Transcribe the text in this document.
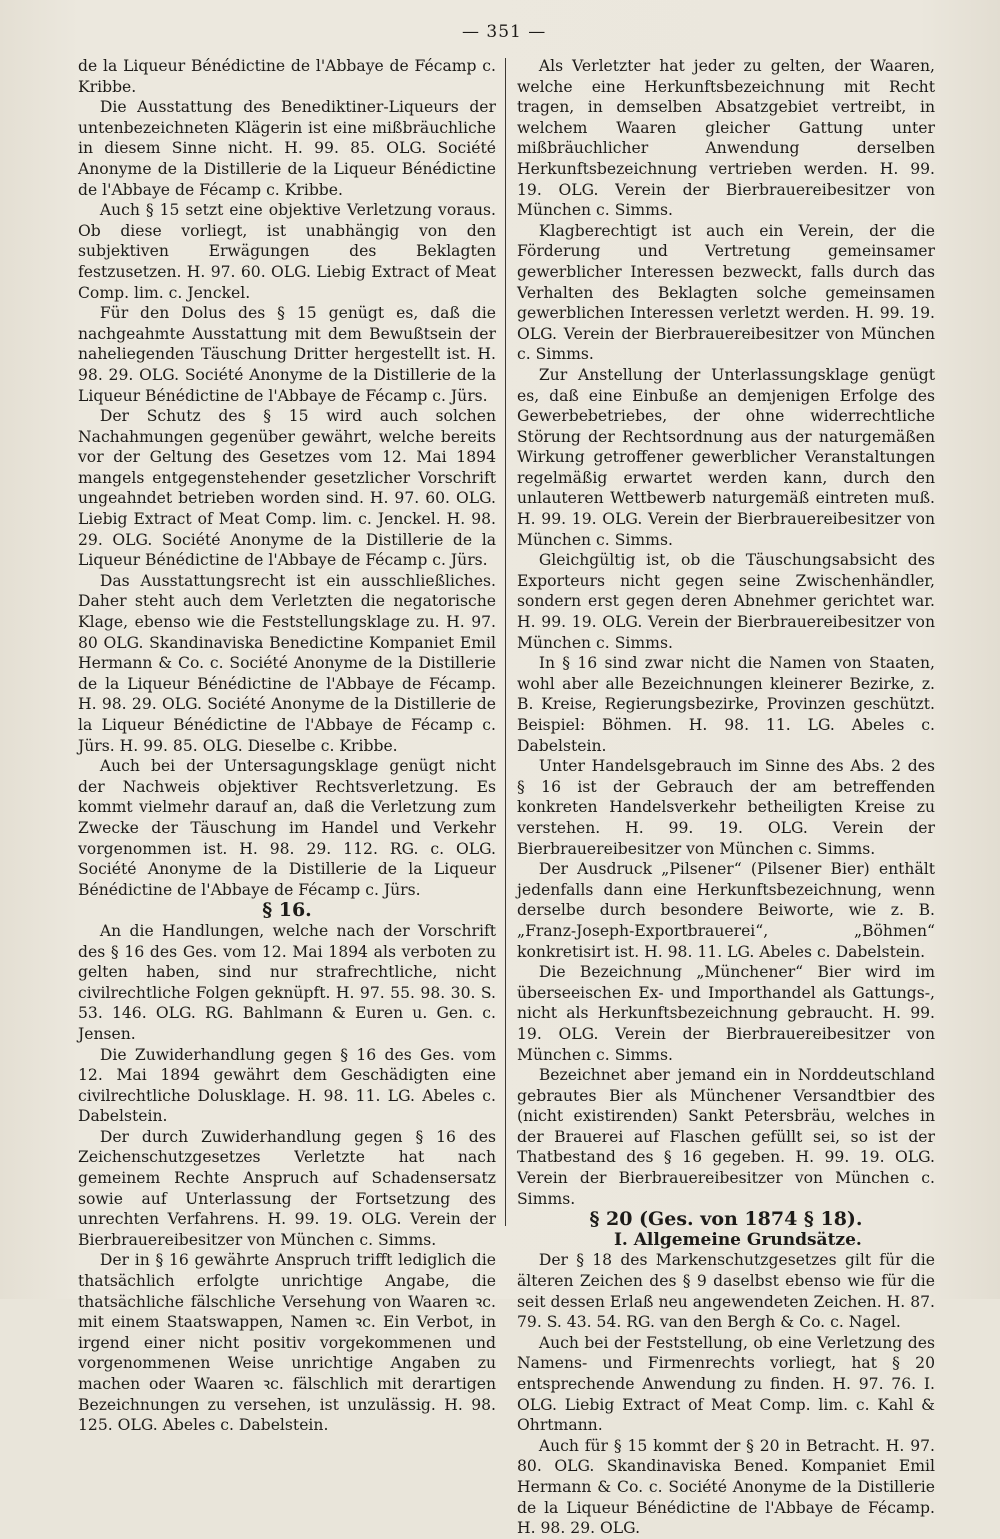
— 351 —

de la Liqueur Bénédictine de l'Abbaye de Fécamp c. Kribbe.

Die Ausstattung des Benediktiner-Liqueurs der untenbezeichneten Klägerin ist eine mißbräuchliche in diesem Sinne nicht. H. 99. 85. OLG. Société Anonyme de la Distillerie de la Liqueur Bénédictine de l'Abbaye de Fécamp c. Kribbe.

Auch § 15 setzt eine objektive Verletzung voraus. Ob diese vorliegt, ist unabhängig von den subjektiven Erwägungen des Beklagten festzusetzen. H. 97. 60. OLG. Liebig Extract of Meat Comp. lim. c. Jenckel.

Für den Dolus des § 15 genügt es, daß die nachgeahmte Ausstattung mit dem Bewußtsein der naheliegenden Täuschung Dritter hergestellt ist. H. 98. 29. OLG. Société Anonyme de la Distillerie de la Liqueur Bénédictine de l'Abbaye de Fécamp c. Jürs.

Der Schutz des § 15 wird auch solchen Nachahmungen gegenüber gewährt, welche bereits vor der Geltung des Gesetzes vom 12. Mai 1894 mangels entgegenstehender gesetzlicher Vorschrift ungeahndet betrieben worden sind. H. 97. 60. OLG. Liebig Extract of Meat Comp. lim. c. Jenckel. H. 98. 29. OLG. Société Anonyme de la Distillerie de la Liqueur Bénédictine de l'Abbaye de Fécamp c. Jürs.

Das Ausstattungsrecht ist ein ausschließliches. Daher steht auch dem Verletzten die negatorische Klage, ebenso wie die Feststellungsklage zu. H. 97. 80 OLG. Skandinaviska Benedictine Kompaniet Emil Hermann & Co. c. Société Anonyme de la Distillerie de la Liqueur Bénédictine de l'Abbaye de Fécamp. H. 98. 29. OLG. Société Anonyme de la Distillerie de la Liqueur Bénédictine de l'Abbaye de Fécamp c. Jürs. H. 99. 85. OLG. Dieselbe c. Kribbe.

Auch bei der Untersagungsklage genügt nicht der Nachweis objektiver Rechtsverletzung. Es kommt vielmehr darauf an, daß die Verletzung zum Zwecke der Täuschung im Handel und Verkehr vorgenommen ist. H. 98. 29. 112. RG. c. OLG. Société Anonyme de la Distillerie de la Liqueur Bénédictine de l'Abbaye de Fécamp c. Jürs.

§ 16.

An die Handlungen, welche nach der Vorschrift des § 16 des Ges. vom 12. Mai 1894 als verboten zu gelten haben, sind nur strafrechtliche, nicht civilrechtliche Folgen geknüpft. H. 97. 55. 98. 30. S. 53. 146. OLG. RG. Bahlmann & Euren u. Gen. c. Jensen.

Die Zuwiderhandlung gegen § 16 des Ges. vom 12. Mai 1894 gewährt dem Geschädigten eine civilrechtliche Dolusklage. H. 98. 11. LG. Abeles c. Dabelstein.

Der durch Zuwiderhandlung gegen § 16 des Zeichenschutzgesetzes Verletzte hat nach gemeinem Rechte Anspruch auf Schadensersatz sowie auf Unterlassung der Fortsetzung des unrechten Verfahrens. H. 99. 19. OLG. Verein der Bierbrauereibesitzer von München c. Simms.

Der in § 16 gewährte Anspruch trifft lediglich die thatsächlich erfolgte unrichtige Angabe, die thatsächliche fälschliche Versehung von Waaren ꝛc. mit einem Staatswappen, Namen ꝛc. Ein Verbot, in irgend einer nicht positiv vorgekommenen und vorgenommenen Weise unrichtige Angaben zu machen oder Waaren ꝛc. fälschlich mit derartigen Bezeichnungen zu versehen, ist unzulässig. H. 98. 125. OLG. Abeles c. Dabelstein.

Als Verletzter hat jeder zu gelten, der Waaren, welche eine Herkunftsbezeichnung mit Recht tragen, in demselben Absatzgebiet vertreibt, in welchem Waaren gleicher Gattung unter mißbräuchlicher Anwendung derselben Herkunftsbezeichnung vertrieben werden. H. 99. 19. OLG. Verein der Bierbrauereibesitzer von München c. Simms.

Klagberechtigt ist auch ein Verein, der die Förderung und Vertretung gemeinsamer gewerblicher Interessen bezweckt, falls durch das Verhalten des Beklagten solche gemeinsamen gewerblichen Interessen verletzt werden. H. 99. 19. OLG. Verein der Bierbrauereibesitzer von München c. Simms.

Zur Anstellung der Unterlassungsklage genügt es, daß eine Einbuße an demjenigen Erfolge des Gewerbebetriebes, der ohne widerrechtliche Störung der Rechtsordnung aus der naturgemäßen Wirkung getroffener gewerblicher Veranstaltungen regelmäßig erwartet werden kann, durch den unlauteren Wettbewerb naturgemäß eintreten muß. H. 99. 19. OLG. Verein der Bierbrauereibesitzer von München c. Simms.

Gleichgültig ist, ob die Täuschungsabsicht des Exporteurs nicht gegen seine Zwischenhändler, sondern erst gegen deren Abnehmer gerichtet war. H. 99. 19. OLG. Verein der Bierbrauereibesitzer von München c. Simms.

In § 16 sind zwar nicht die Namen von Staaten, wohl aber alle Bezeichnungen kleinerer Bezirke, z. B. Kreise, Regierungsbezirke, Provinzen geschützt. Beispiel: Böhmen. H. 98. 11. LG. Abeles c. Dabelstein.

Unter Handelsgebrauch im Sinne des Abs. 2 des § 16 ist der Gebrauch der am betreffenden konkreten Handelsverkehr betheiligten Kreise zu verstehen. H. 99. 19. OLG. Verein der Bierbrauereibesitzer von München c. Simms.

Der Ausdruck „Pilsener“ (Pilsener Bier) enthält jedenfalls dann eine Herkunftsbezeichnung, wenn derselbe durch besondere Beiworte, wie z. B. „Franz-Joseph-Exportbrauerei“, „Böhmen“ konkretisirt ist. H. 98. 11. LG. Abeles c. Dabelstein.

Die Bezeichnung „Münchener“ Bier wird im überseeischen Ex- und Importhandel als Gattungs-, nicht als Herkunftsbezeichnung gebraucht. H. 99. 19. OLG. Verein der Bierbrauereibesitzer von München c. Simms.

Bezeichnet aber jemand ein in Norddeutschland gebrautes Bier als Münchener Versandtbier des (nicht existirenden) Sankt Petersbräu, welches in der Brauerei auf Flaschen gefüllt sei, so ist der Thatbestand des § 16 gegeben. H. 99. 19. OLG. Verein der Bierbrauereibesitzer von München c. Simms.

§ 20 (Ges. von 1874 § 18).

I. Allgemeine Grundsätze.

Der § 18 des Markenschutzgesetzes gilt für die älteren Zeichen des § 9 daselbst ebenso wie für die seit dessen Erlaß neu angewendeten Zeichen. H. 87. 79. S. 43. 54. RG. van den Bergh & Co. c. Nagel.

Auch bei der Feststellung, ob eine Verletzung des Namens- und Firmenrechts vorliegt, hat § 20 entsprechende Anwendung zu finden. H. 97. 76. I. OLG. Liebig Extract of Meat Comp. lim. c. Kahl & Ohrtmann.

Auch für § 15 kommt der § 20 in Betracht. H. 97. 80. OLG. Skandinaviska Bened. Kompaniet Emil Hermann & Co. c. Société Anonyme de la Distillerie de la Liqueur Bénédictine de l'Abbaye de Fécamp. H. 98. 29. OLG.
